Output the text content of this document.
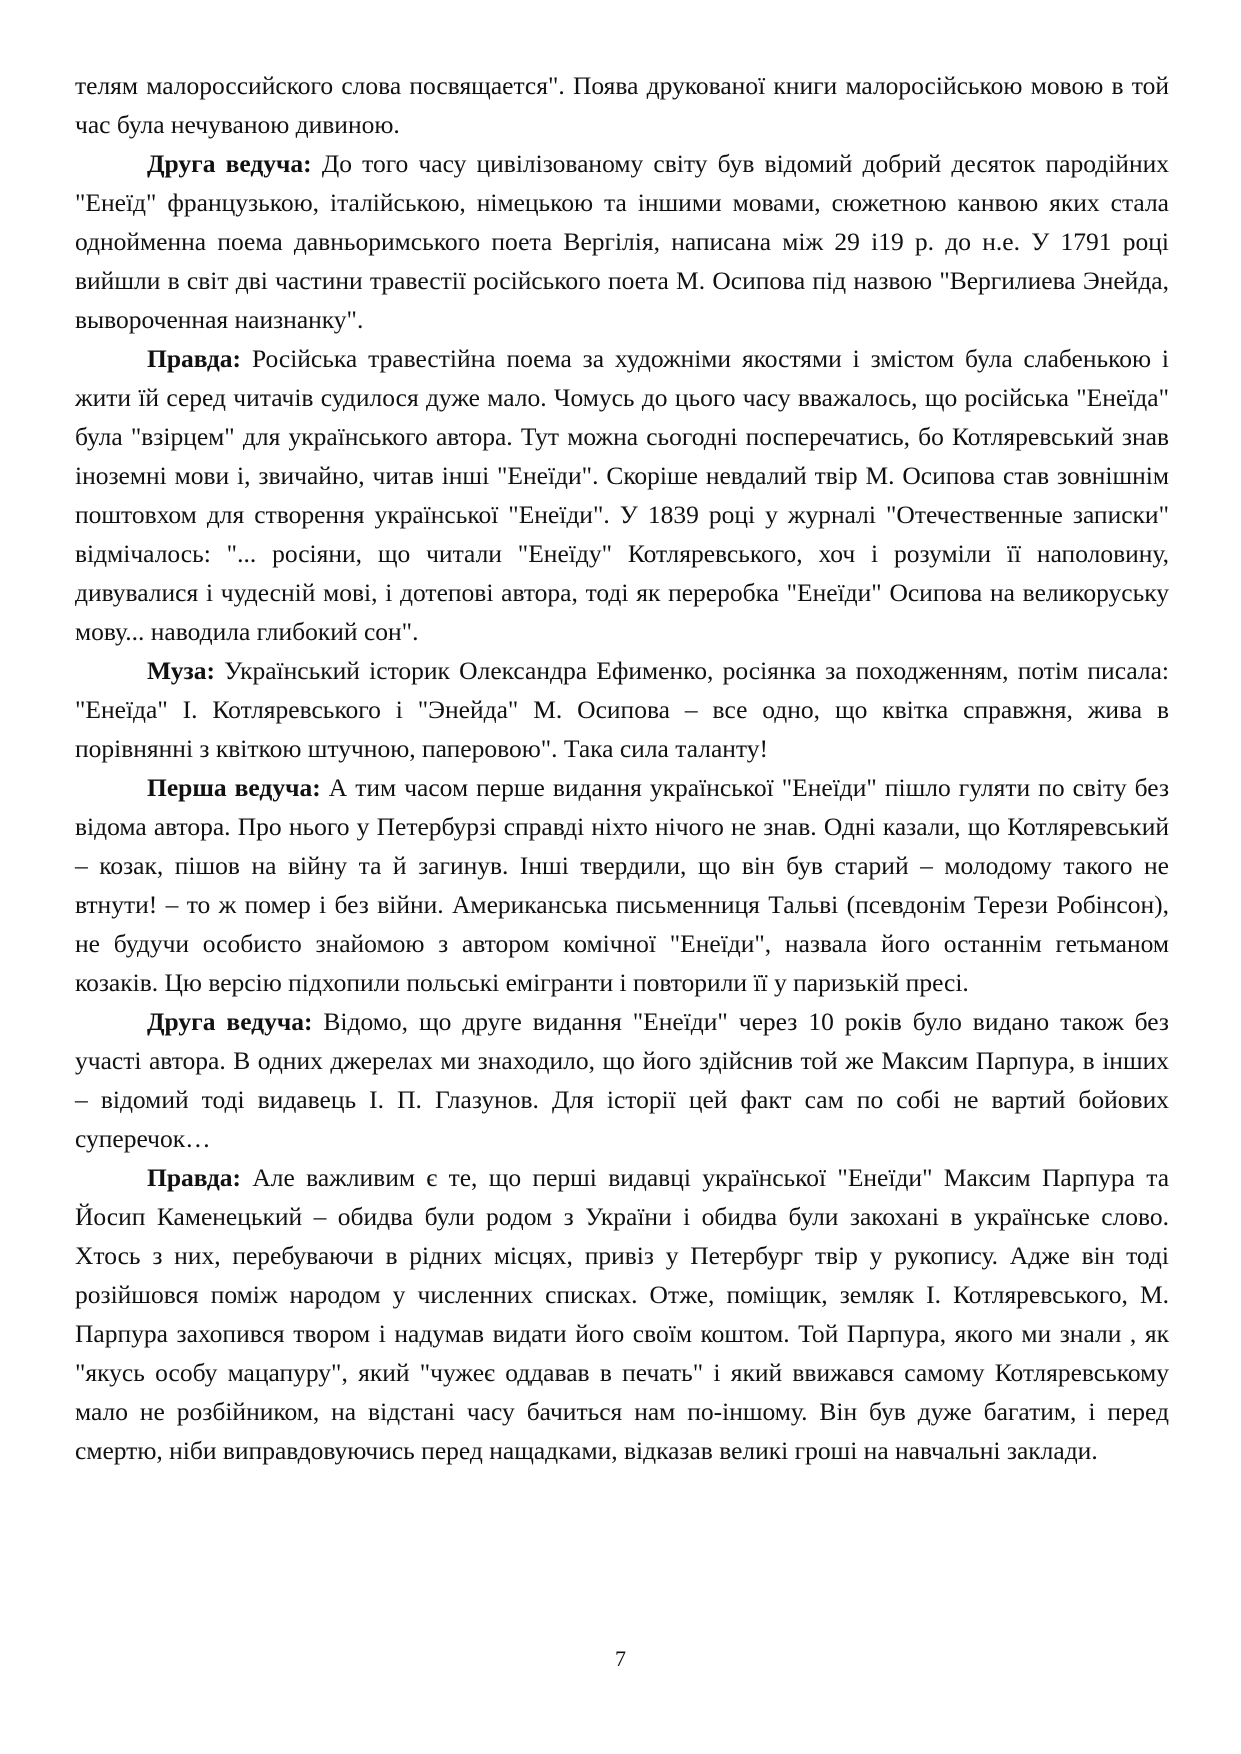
телям малороссийского слова посвящается". Поява друкованої книги малоросійською мовою в той час була нечуваною дивиною.

Друга ведуча: До того часу цивілізованому світу був відомий добрий десяток пародійних "Енеїд" французькою, італійською, німецькою та іншими мовами, сюжетною канвою яких стала однойменна поема давньоримського поета Вергілія, написана між 29 і19 р. до н.е. У 1791 році вийшли в світ дві частини травестії російського поета М. Осипова під назвою "Вергилиева Энейда, вывороченная наизнанку".

Правда: Російська травестійна поема за художніми якостями і змістом була слабенькою і жити їй серед читачів судилося дуже мало. Чомусь до цього часу вважалось, що російська "Енеїда" була "взірцем" для українського автора. Тут можна сьогодні посперечатись, бо Котляревський знав іноземні мови і, звичайно, читав інші "Енеїди". Скоріше невдалий твір М. Осипова став зовнішнім поштовхом для створення української "Енеїди". У 1839 році у журналі "Отечественные записки" відмічалось: "... росіяни, що читали "Енеїду" Котляревського, хоч і розуміли її наполовину, дивувалися і чудесній мові, і дотепові автора, тоді як переробка "Енеїди" Осипова на великоруську мову... наводила глибокий сон".

Муза: Український історик Олександра Ефименко, росіянка за походженням, потім писала: "Енеїда" І. Котляревського і "Энейда" М. Осипова – все одно, що квітка справжня, жива в порівнянні з квіткою штучною, паперовою". Така сила таланту!

Перша ведуча: А тим часом перше видання української "Енеїди" пішло гуляти по світу без відома автора. Про нього у Петербурзі справді ніхто нічого не знав. Одні казали, що Котляревський – козак, пішов на війну та й загинув. Інші твердили, що він був старий – молодому такого не втнути! – то ж помер і без війни. Американська письменниця Тальві (псевдонім Терези Робінсон), не будучи особисто знайомою з автором комічної "Енеїди", назвала його останнім гетьманом козаків. Цю версію підхопили польські емігранти і повторили її у паризькій пресі.

Друга ведуча: Відомо, що друге видання "Енеїди" через 10 років було видано також без участі автора. В одних джерелах ми знаходило, що його здійснив той же Максим Парпура, в інших – відомий тоді видавець І. П. Глазунов. Для історії цей факт сам по собі не вартий бойових суперечок…

Правда: Але важливим є те, що перші видавці української "Енеїди" Максим Парпура та Йосип Каменецький – обидва були родом з України і обидва були закохані в українське слово. Хтось з них, перебуваючи в рідних місцях, привіз у Петербург твір у рукопису. Адже він тоді розійшовся поміж народом у численних списках. Отже, поміщик, земляк І. Котляревського, М. Парпура захопився твором і надумав видати його своїм коштом. Той Парпура, якого ми знали , як "якусь особу мацапуру", який "чужеє оддавав в печать" і який ввижався самому Котляревському мало не розбійником, на відстані часу бачиться нам по-іншому. Він був дуже багатим, і перед смертю, ніби виправдовуючись перед нащадками, відказав великі гроші на навчальні заклади.

7
